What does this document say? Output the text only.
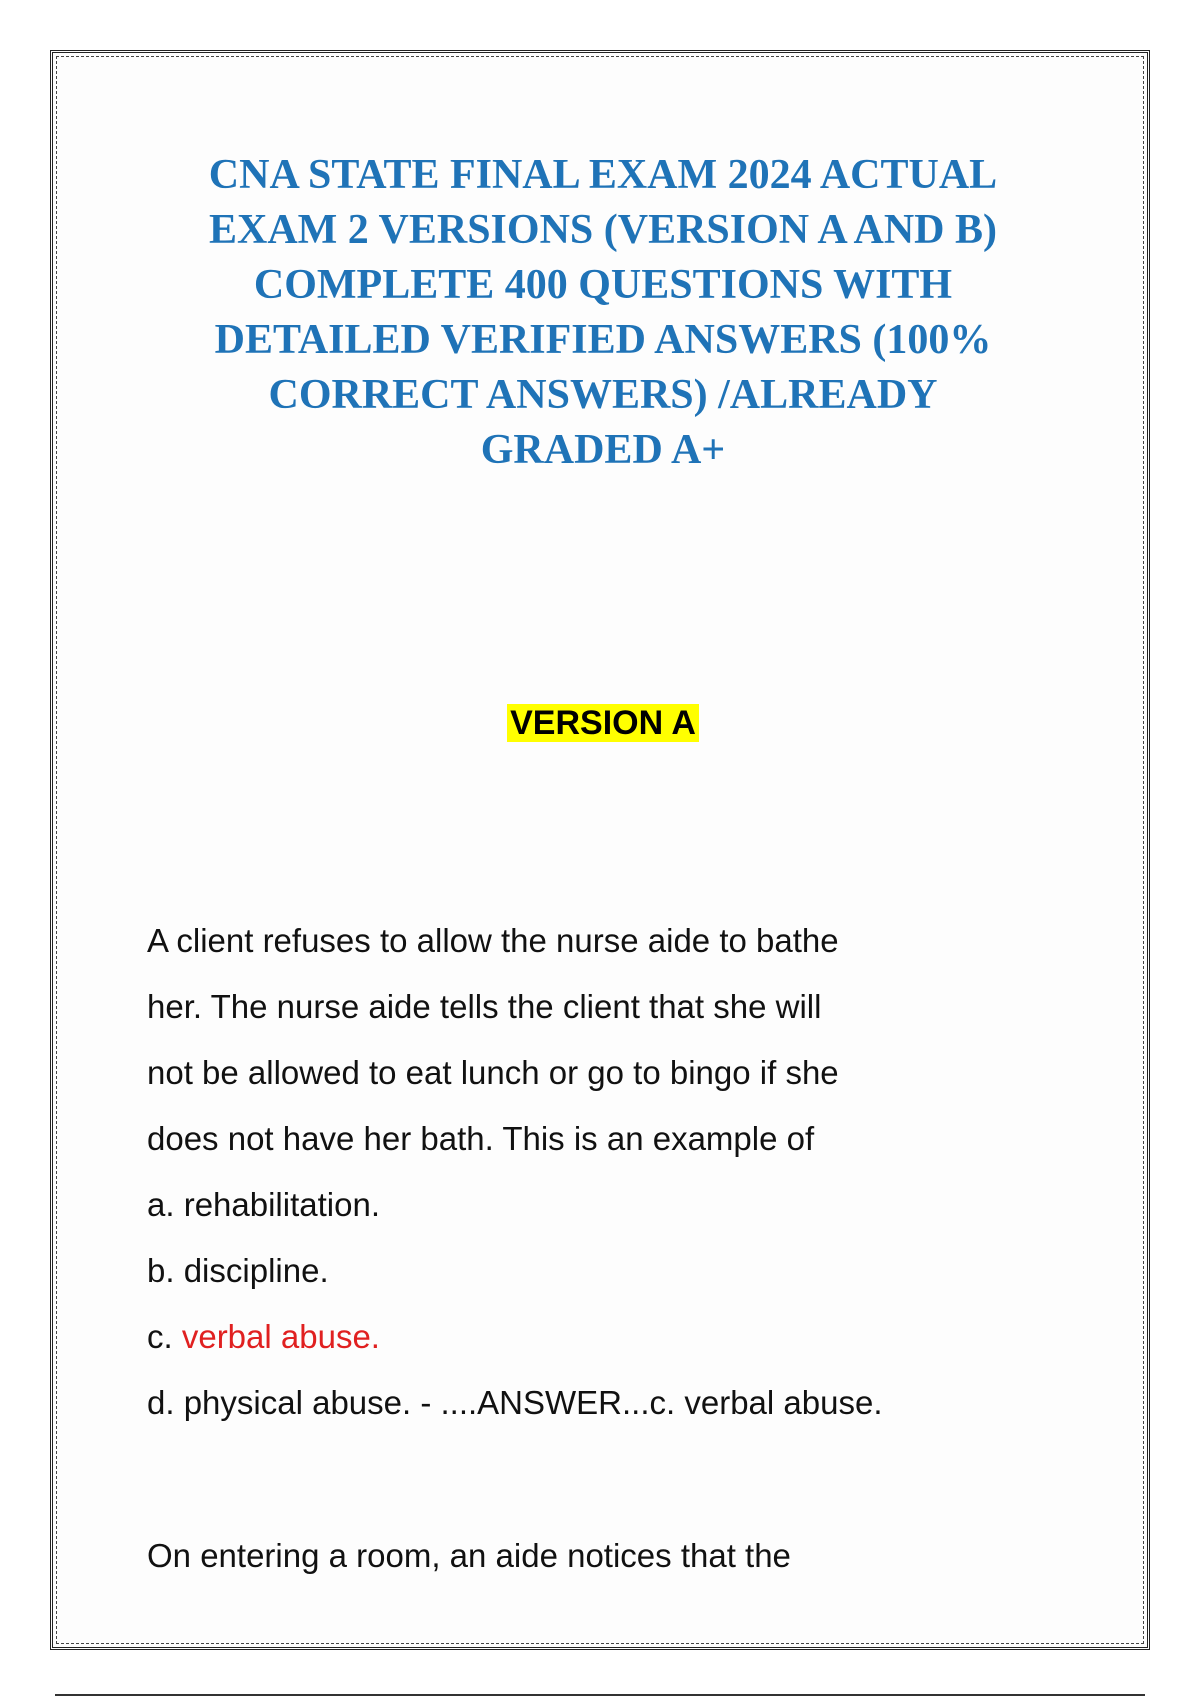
CNA STATE FINAL EXAM 2024 ACTUAL
EXAM 2 VERSIONS (VERSION A AND B)
COMPLETE 400 QUESTIONS WITH
DETAILED VERIFIED ANSWERS (100%
CORRECT ANSWERS) /ALREADY
GRADED A+
VERSION A
A client refuses to allow the nurse aide to bathe
her. The nurse aide tells the client that she will
not be allowed to eat lunch or go to bingo if she
does not have her bath. This is an example of
a. rehabilitation.
b. discipline.
c. verbal abuse.
d. physical abuse. - ....ANSWER...c. verbal abuse.
On entering a room, an aide notices that the
